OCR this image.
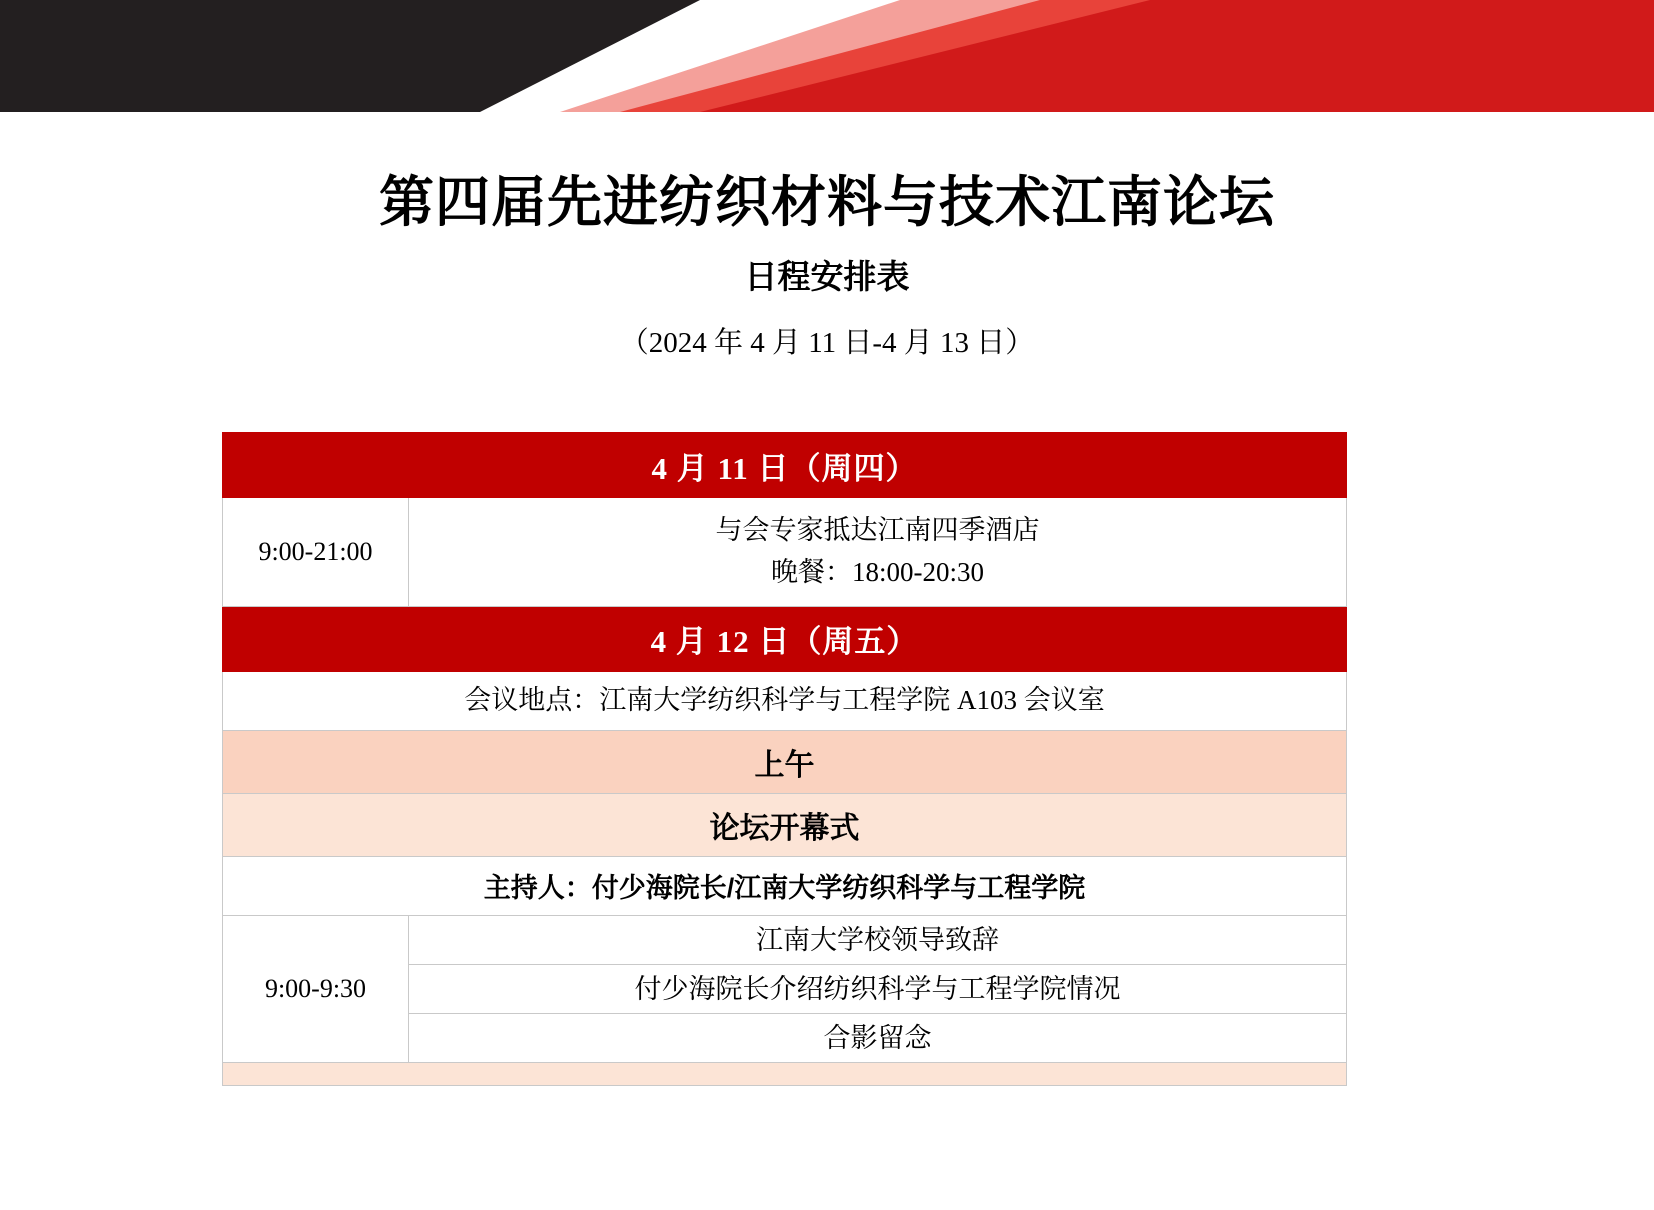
第四届先进纺织材料与技术江南论坛
日程安排表
（2024 年 4 月 11 日-4 月 13 日）
4 月 11 日（周四）	
9:00-21:00	与会专家抵达江南四季酒店
晚餐：18:00-20:30

4 月 12 日（周五）	
会议地点：江南大学纺织科学与工程学院 A103 会议室	
上午	
论坛开幕式	
主持人：付少海院长/江南大学纺织科学与工程学院	
9:00-9:30	江南大学校领导致辞
付少海院长介绍纺织科学与工程学院情况
合影留念
